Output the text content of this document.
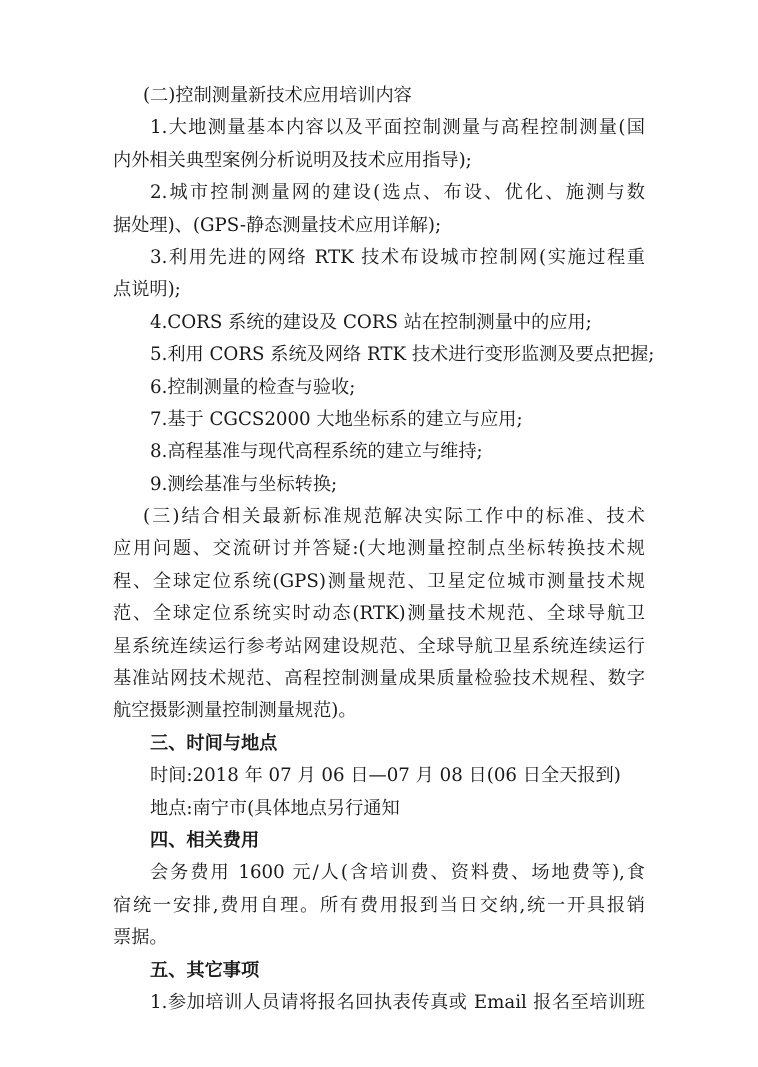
(二)控制测量新技术应用培训内容
1.大地测量基本内容以及平面控制测量与高程控制测量(国
内外相关典型案例分析说明及技术应用指导);
2.城市控制测量网的建设(选点、布设、优化、施测与数
据处理)、(GPS-静态测量技术应用详解);
3.利用先进的网络 RTK 技术布设城市控制网(实施过程重
点说明);
4.CORS 系统的建设及 CORS 站在控制测量中的应用;
5.利用 CORS 系统及网络 RTK 技术进行变形监测及要点把握;
6.控制测量的检查与验收;
7.基于 CGCS2000 大地坐标系的建立与应用;
8.高程基准与现代高程系统的建立与维持;
9.测绘基准与坐标转换;
(三)结合相关最新标准规范解决实际工作中的标准、技术
应用问题、交流研讨并答疑:(大地测量控制点坐标转换技术规
程、全球定位系统(GPS)测量规范、卫星定位城市测量技术规
范、全球定位系统实时动态(RTK)测量技术规范、全球导航卫
星系统连续运行参考站网建设规范、全球导航卫星系统连续运行
基准站网技术规范、高程控制测量成果质量检验技术规程、数字
航空摄影测量控制测量规范)。
三、时间与地点
时间:2018 年 07 月 06 日—07 月 08 日(06 日全天报到)
地点:南宁市(具体地点另行通知
四、相关费用
会务费用 1600 元/人(含培训费、资料费、场地费等),食
宿统一安排,费用自理。所有费用报到当日交纳,统一开具报销
票据。
五、其它事项
1.参加培训人员请将报名回执表传真或 Email 报名至培训班
